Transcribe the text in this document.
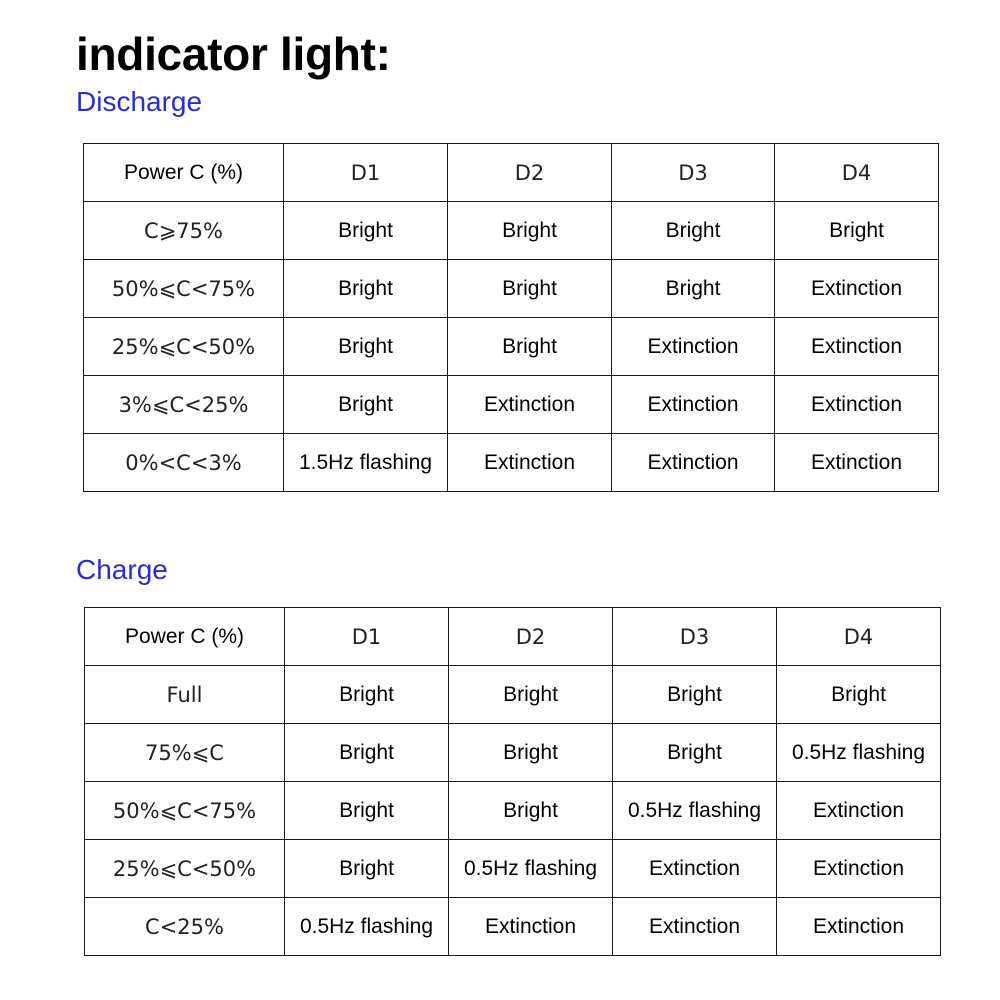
indicator light:
Discharge
Power C (%)	D1	D2	D3	D4
C⩾75%	Bright	Bright	Bright	Bright
50%⩽C<75%	Bright	Bright	Bright	Extinction
25%⩽C<50%	Bright	Bright	Extinction	Extinction
3%⩽C<25%	Bright	Extinction	Extinction	Extinction
0%<C<3%	1.5Hz flashing	Extinction	Extinction	Extinction
Charge
Power C (%)	D1	D2	D3	D4
Full	Bright	Bright	Bright	Bright
75%⩽C	Bright	Bright	Bright	0.5Hz flashing
50%⩽C<75%	Bright	Bright	0.5Hz flashing	Extinction
25%⩽C<50%	Bright	0.5Hz flashing	Extinction	Extinction
C<25%	0.5Hz flashing	Extinction	Extinction	Extinction
